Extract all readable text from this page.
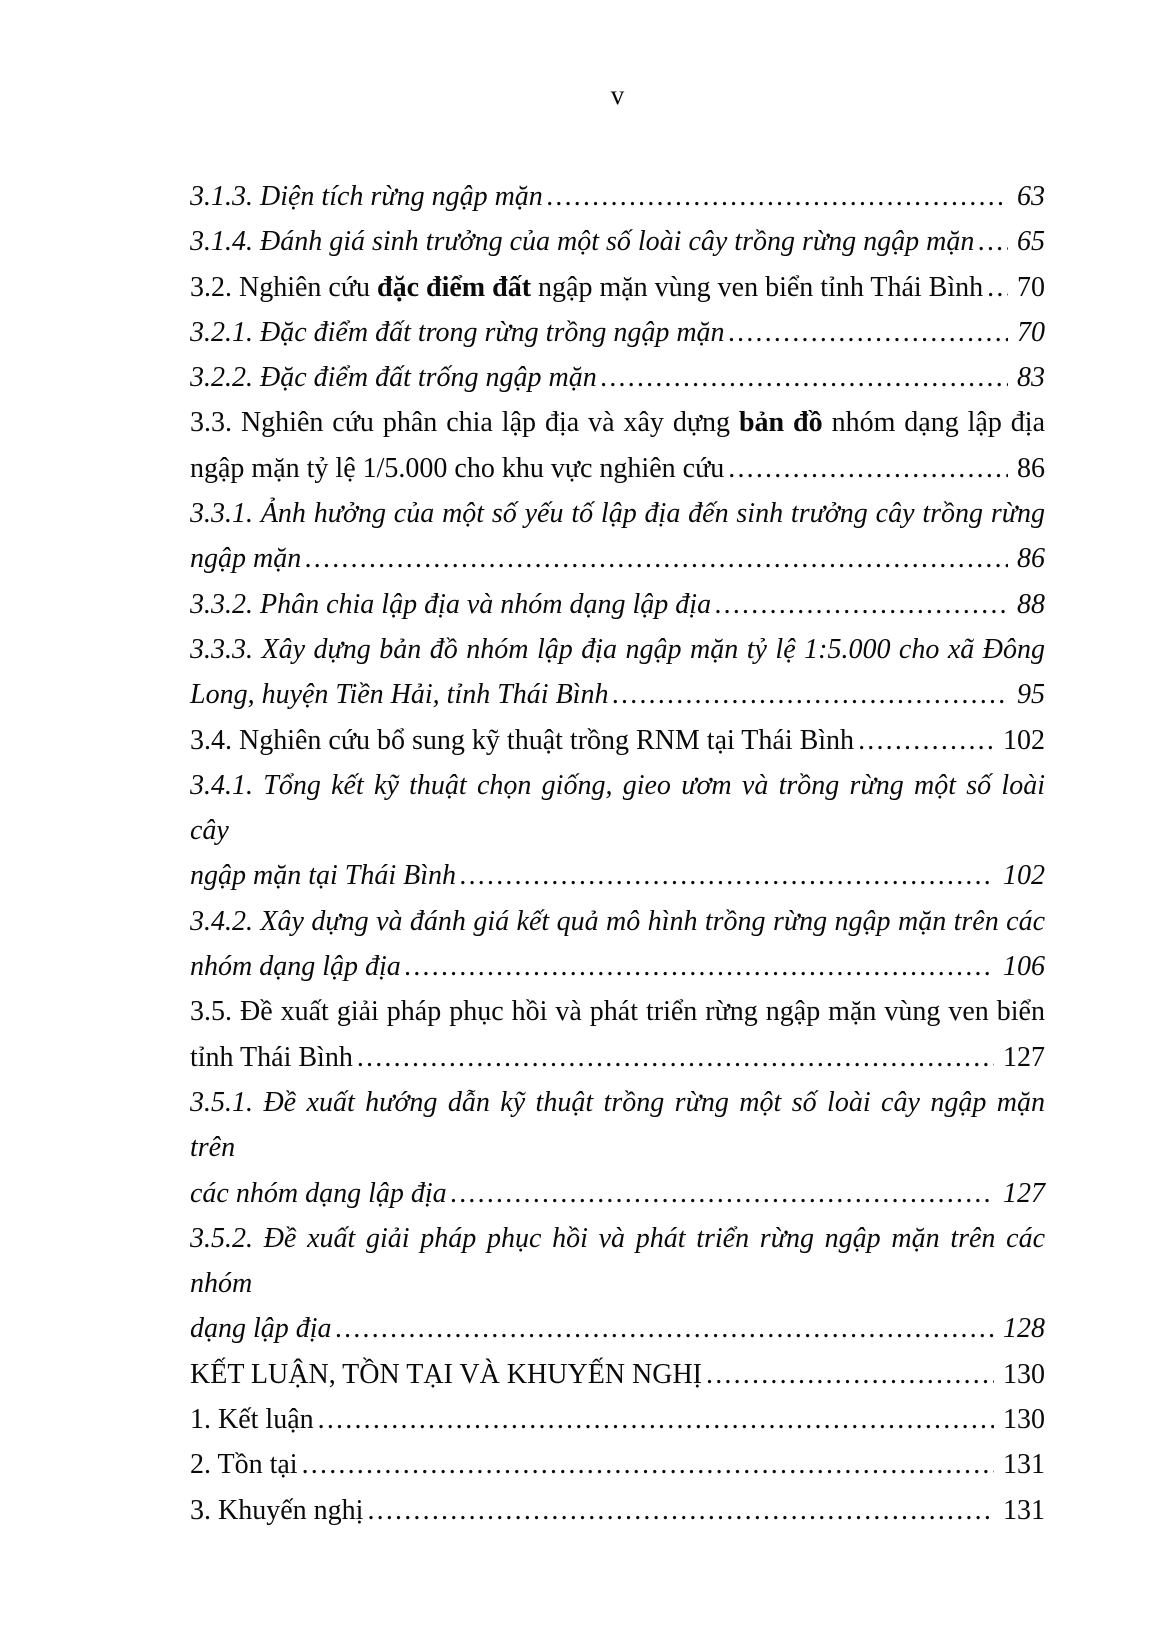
v
3.1.3. Diện tích rừng ngập mặn .....	63
3.1.4. Đánh giá sinh trưởng của một số loài cây trồng rừng ngập mặn ..... 65
3.2. Nghiên cứu đặc điểm đất ngập mặn vùng ven biển tỉnh Thái Bình ..... 70
3.2.1. Đặc điểm đất trong rừng trồng ngập mặn .....	70
3.2.2. Đặc điểm đất trống ngập mặn .....	83
3.3. Nghiên cứu phân chia lập địa và xây dựng bản đồ nhóm dạng lập địa
ngập mặn tỷ lệ 1/5.000 cho khu vực nghiên cứu .....	86
3.3.1. Ảnh hưởng của một số yếu tố lập địa đến sinh trưởng cây trồng rừng
ngập mặn .....	86
3.3.2. Phân chia lập địa và nhóm dạng lập địa .....	88
3.3.3. Xây dựng bản đồ nhóm lập địa ngập mặn tỷ lệ 1:5.000 cho xã Đông
Long, huyện Tiền Hải, tỉnh Thái Bình .....	95
3.4. Nghiên cứu bổ sung kỹ thuật trồng RNM tại Thái Bình .....	102
3.4.1. Tổng kết kỹ thuật chọn giống, gieo ươm và trồng rừng một số loài cây
ngập mặn tại Thái Bình .....	102
3.4.2. Xây dựng và đánh giá kết quả mô hình trồng rừng ngập mặn trên các
nhóm dạng lập địa .....	106
3.5. Đề xuất giải pháp phục hồi và phát triển rừng ngập mặn vùng ven biển
tỉnh Thái Bình .....	127
3.5.1. Đề xuất hướng dẫn kỹ thuật trồng rừng một số loài cây ngập mặn trên
các nhóm dạng lập địa .....	127
3.5.2. Đề xuất giải pháp phục hồi và phát triển rừng ngập mặn trên các nhóm
dạng lập địa .....	128
KẾT LUẬN, TỒN TẠI VÀ KHUYẾN NGHỊ .....	130
1. Kết luận .....	130
2. Tồn tại .....	131
3. Khuyến nghị .....	131
